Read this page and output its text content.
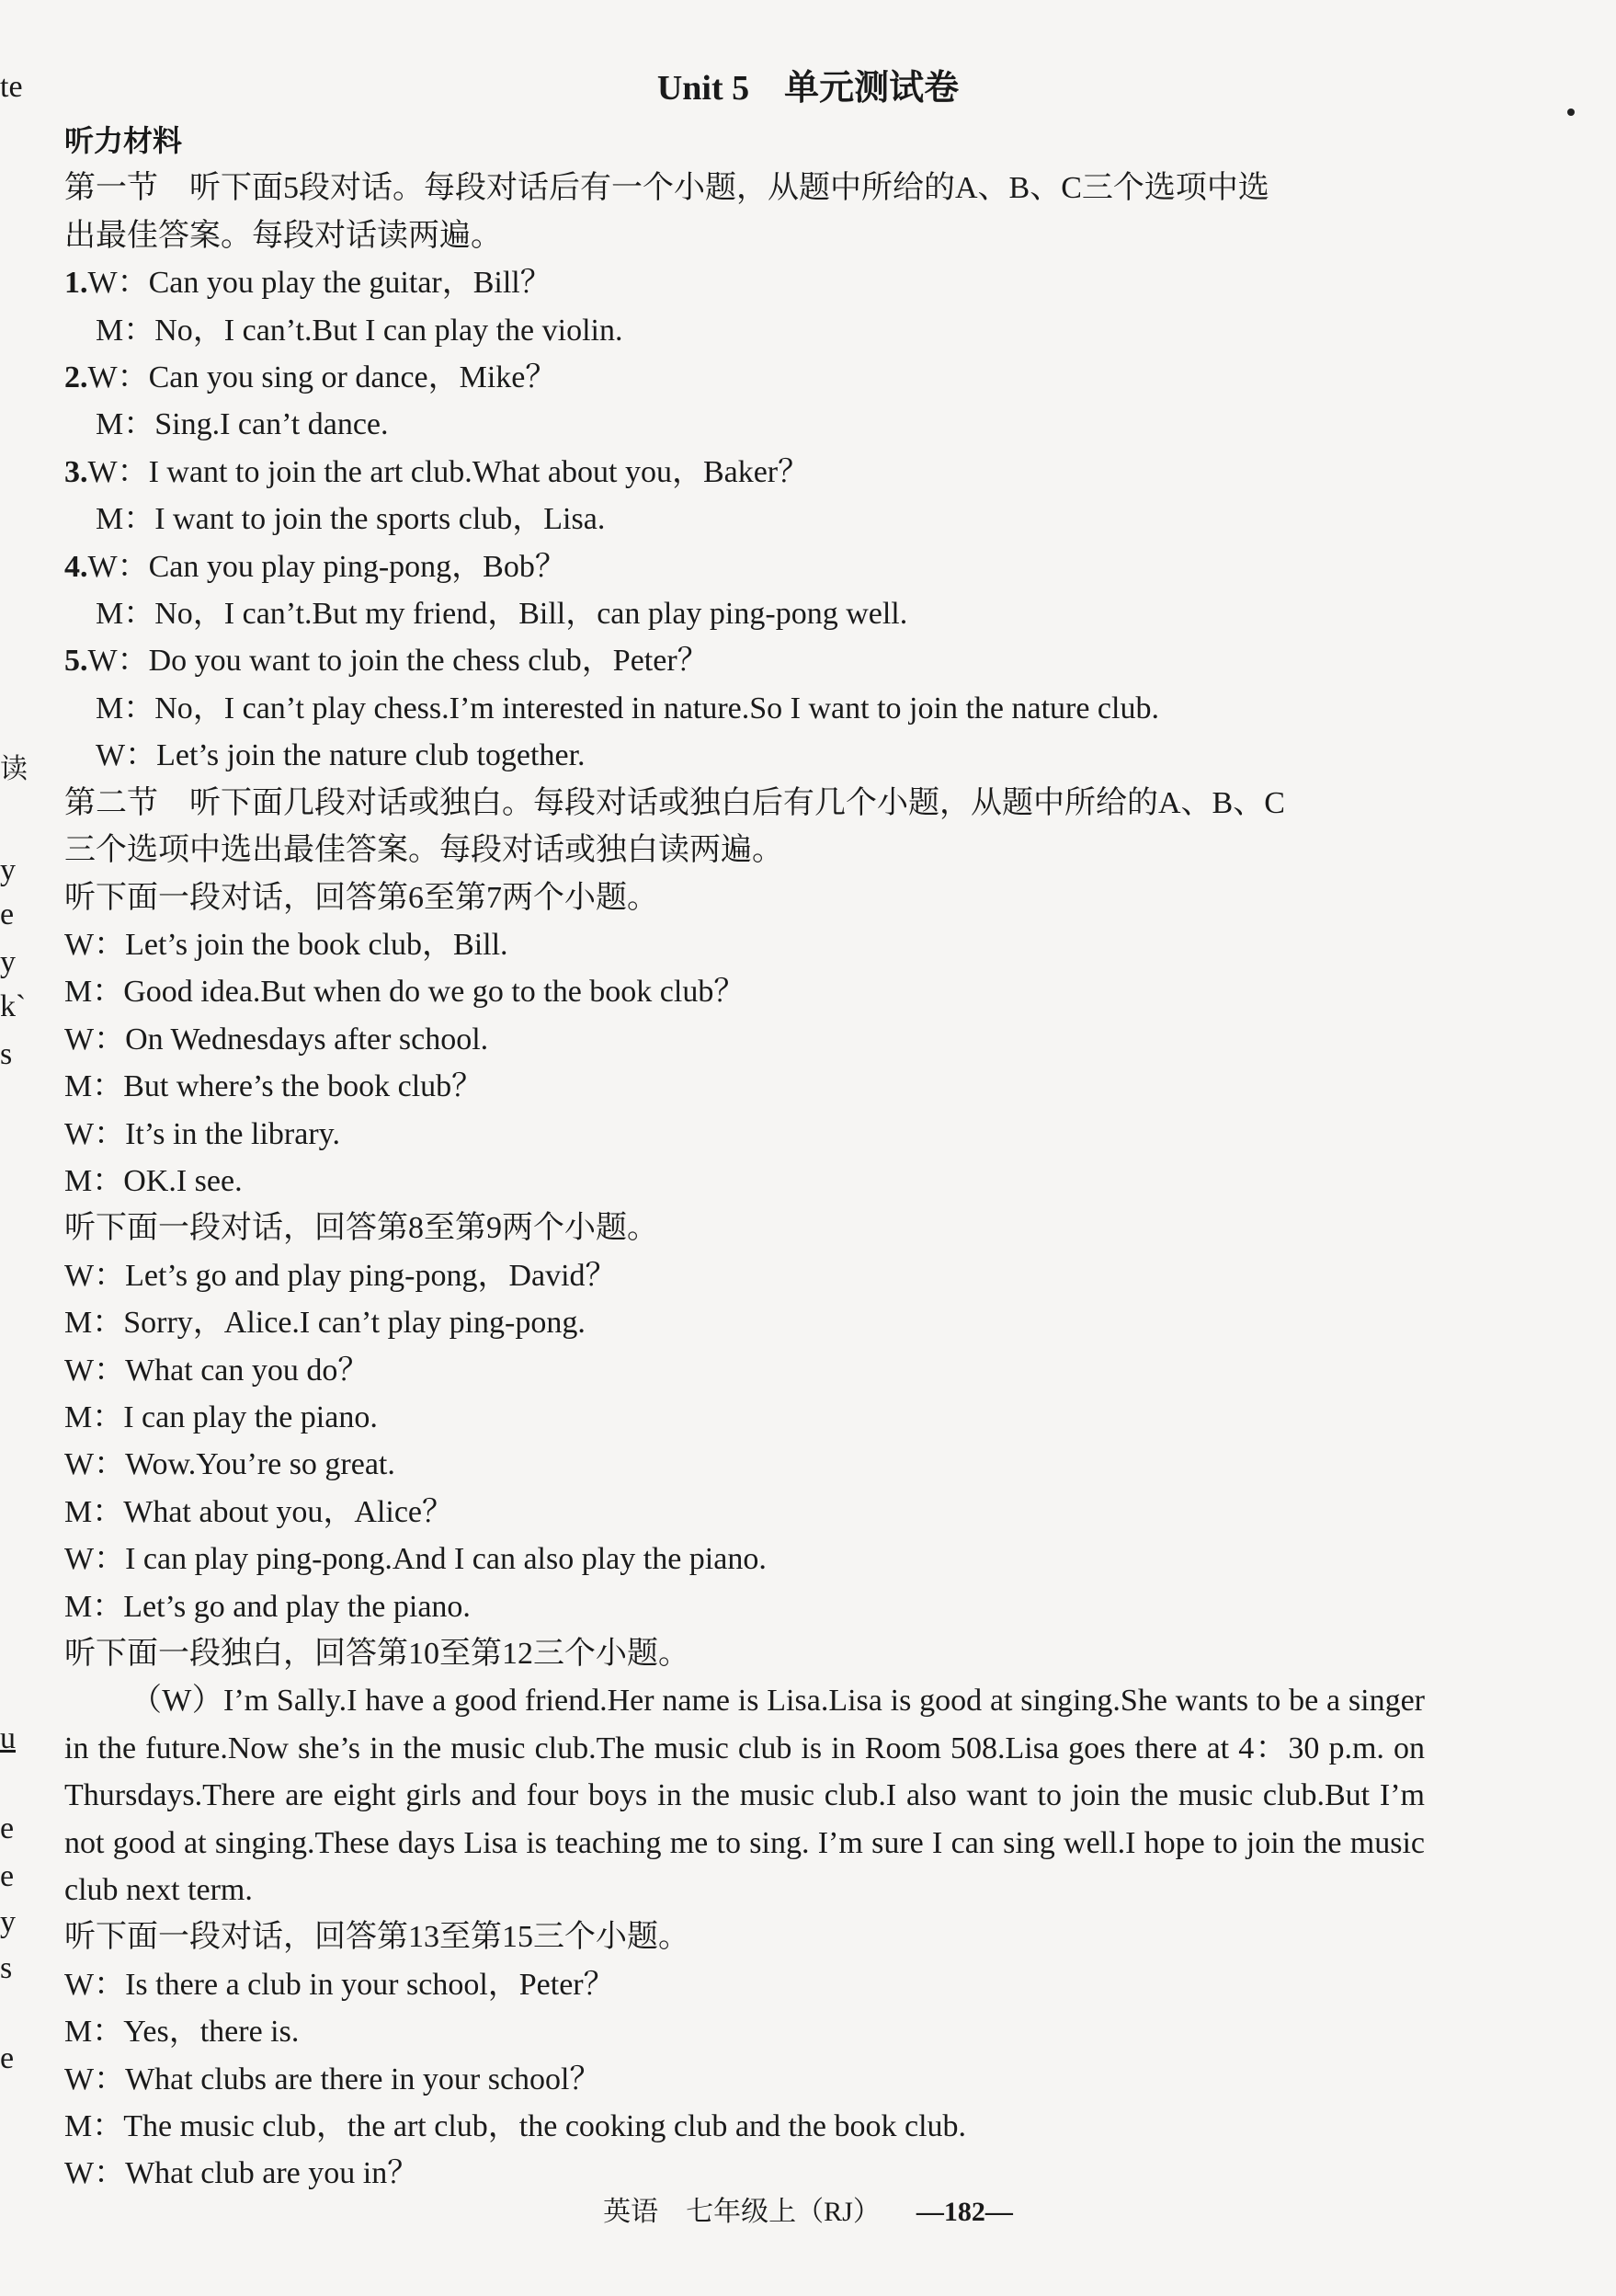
te
读
y
e
y
k`
s
u
e
e
y
s
e
Unit 5　单元测试卷
听力材料
第一节　听下面5段对话。每段对话后有一个小题，从题中所给的A、B、C三个选项中选
出最佳答案。每段对话读两遍。
1.W：Can you play the guitar，Bill？
M：No，I can’t.But I can play the violin.
2.W：Can you sing or dance，Mike？
M：Sing.I can’t dance.
3.W：I want to join the art club.What about you，Baker？
M：I want to join the sports club，Lisa.
4.W：Can you play ping-pong，Bob？
M：No，I can’t.But my friend，Bill，can play ping-pong well.
5.W：Do you want to join the chess club，Peter？
M：No，I can’t play chess.I’m interested in nature.So I want to join the nature club.
W：Let’s join the nature club together.
第二节　听下面几段对话或独白。每段对话或独白后有几个小题，从题中所给的A、B、C
三个选项中选出最佳答案。每段对话或独白读两遍。
听下面一段对话，回答第6至第7两个小题。
W：Let’s join the book club，Bill.
M：Good idea.But when do we go to the book club？
W：On Wednesdays after school.
M：But where’s the book club？
W：It’s in the library.
M：OK.I see.
听下面一段对话，回答第8至第9两个小题。
W：Let’s go and play ping-pong，David？
M：Sorry，Alice.I can’t play ping-pong.
W：What can you do？
M：I can play the piano.
W：Wow.You’re so great.
M：What about you，Alice？
W：I can play ping-pong.And I can also play the piano.
M：Let’s go and play the piano.
听下面一段独白，回答第10至第12三个小题。
（W）I’m Sally.I have a good friend.Her name is Lisa.Lisa is good at singing.She wants to be a singer in the future.Now she’s in the music club.The music club is in Room 508.Lisa goes there at 4：30 p.m. on Thursdays.There are eight girls and four boys in the music club.I also want to join the music club.But I’m not good at singing.These days Lisa is teaching me to sing. I’m sure I can sing well.I hope to join the music club next term.
听下面一段对话，回答第13至第15三个小题。
W：Is there a club in your school，Peter？
M：Yes，there is.
W：What clubs are there in your school？
M：The music club，the art club，the cooking club and the book club.
W：What club are you in？
英语　七年级上（RJ） —182—
